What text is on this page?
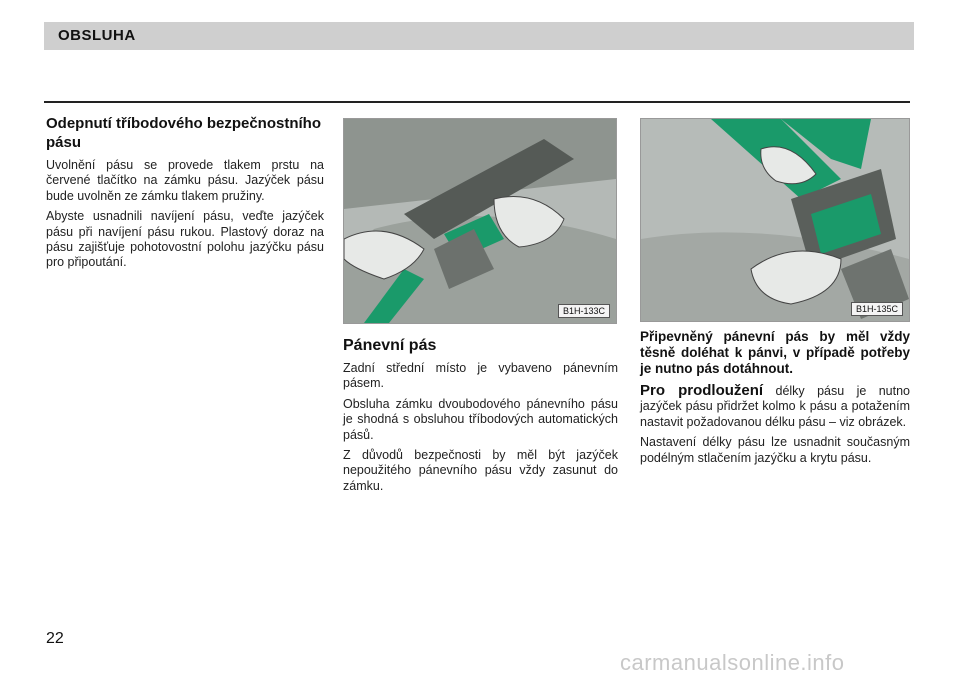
OBSLUHA
Odepnutí tříbodového bezpečnostního pásu

Uvolnění pásu se provede tlakem prstu na červené tlačítko na zámku pásu. Jazýček pásu bude uvolněn ze zámku tlakem pružiny.

Abyste usnadnili navíjení pásu, veďte jazýček pásu při navíjení pásu rukou. Plastový doraz na pásu zajišťuje pohotovostní polohu jazýčku pásu pro připoutání.

B1H-133C	B1H-135C
Pánevní pás

Zadní střední místo je vybaveno pánevním pásem.

Obsluha zámku dvoubodového pánevního pásu je shodná s obsluhou tříbodových automatických pásů.

Z důvodů bezpečnosti by měl být jazýček nepoužitého pánevního pásu vždy zasunut do zámku.

Připevněný pánevní pás by měl vždy těsně doléhat k pánvi, v případě potřeby je nutno pás dotáhnout.

Pro prodloužení délky pásu je nutno jazýček pásu přidržet kolmo k pásu a potažením nastavit požadovanou délku pásu – viz obrázek.

Nastavení délky pásu lze usnadnit současným podélným stlačením jazýčku a krytu pásu.

22
carmanualsonline.info
